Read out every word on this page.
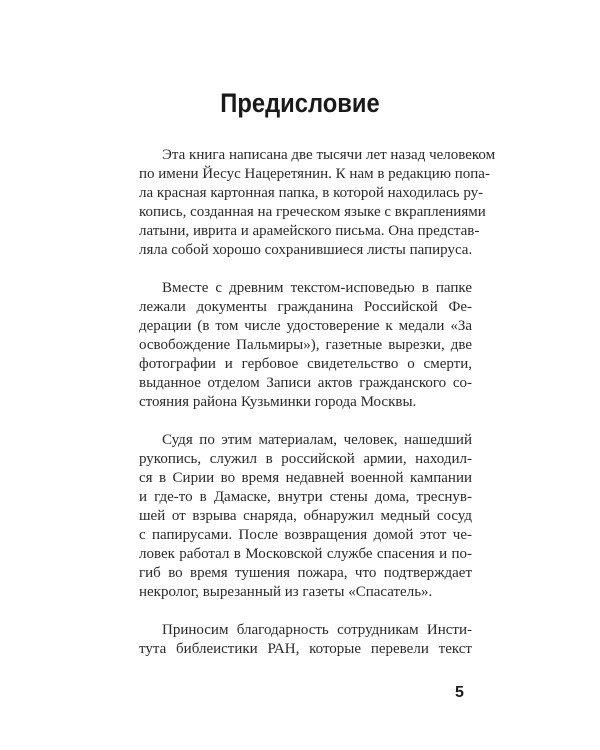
Предисловие
Эта книга написана две тысячи лет назад человеком
по имени Йесус Нацеретянин. К нам в редакцию попа-
ла красная картонная папка, в которой находилась ру-
копись, созданная на греческом языке с вкраплениями
латыни, иврита и арамейского письма. Она представ-
ляла собой хорошо сохранившиеся листы папируса.
Вместе с древним текстом-исповедью в папке
лежали документы гражданина Российской Фе-
дерации (в том числе удостоверение к медали «За
освобождение Пальмиры»), газетные вырезки, две
фотографии и гербовое свидетельство о смерти,
выданное отделом Записи актов гражданского со-
стояния района Кузьминки города Москвы.
Судя по этим материалам, человек, нашедший
рукопись, служил в российской армии, находил-
ся в Сирии во время недавней военной кампании
и где-то в Дамаске, внутри стены дома, треснув-
шей от взрыва снаряда, обнаружил медный сосуд
с папирусами. После возвращения домой этот че-
ловек работал в Московской службе спасения и по-
гиб во время тушения пожара, что подтверждает
некролог, вырезанный из газеты «Спасатель».
Приносим благодарность сотрудникам Инсти-
тута библеистики РАН, которые перевели текст
5
